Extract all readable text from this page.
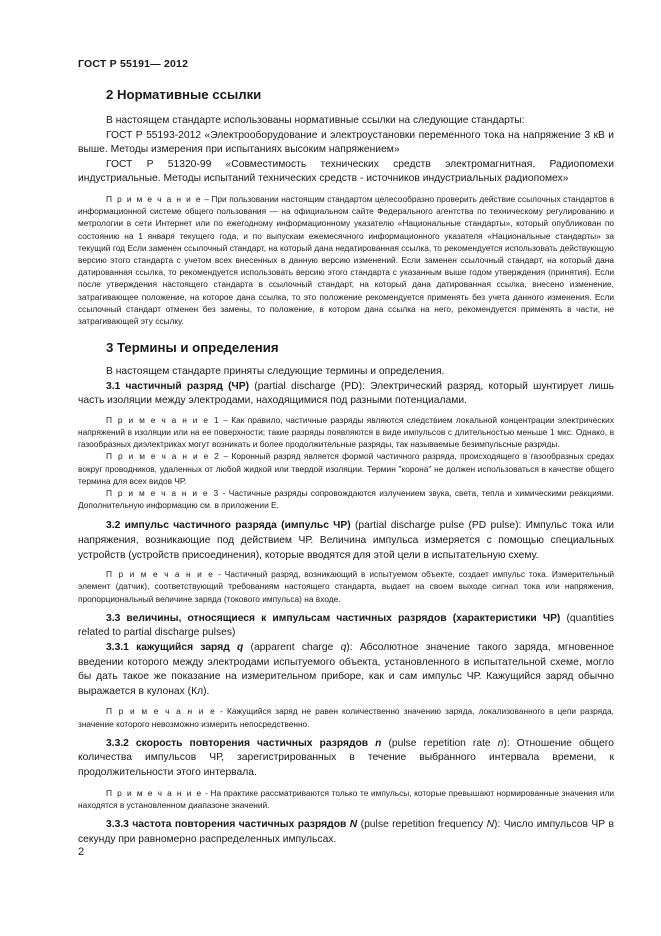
ГОСТ Р 55191— 2012
2 Нормативные ссылки

В настоящем стандарте использованы нормативные ссылки на следующие стандарты:

ГОСТ Р 55193-2012 «Электрооборудование и электроустановки переменного тока на напряжение 3 кВ и выше. Методы измерения при испытаниях высоким напряжением»

ГОСТ Р 51320-99 «Совместимость технических средств электромагнитная. Радиопомехи индустриальные. Методы испытаний технических средств - источников индустриальных радиопомех»

П р и м е ч а н и е – При пользовании настоящим стандартом целесообразно проверить действие ссылочных стандартов в информационной системе общего пользования — на официальном сайте Федерального агентства по техническому регулированию и метрологии в сети Интернет или по ежегодному информационному указателю «Национальные стандарты», который опубликован по состоянию на 1 января текущего года, и по выпускам ежемесячного информационного указателя «Национальные стандарты» за текущий год Если заменен ссылочный стандарт, на который дана недатированная ссылка, то рекомендуется использовать действующую версию этого стандарта с учетом всех внесенных в данную версию изменений. Если заменен ссылочный стандарт, на который дана датированная ссылка, то рекомендуется использовать версию этого стандарта с указанным выше годом утверждения (принятия). Если после утверждения настоящего стандарта в ссылочный стандарт, на который дана датированная ссылка, внесено изменение, затрагивающее положение, на которое дана ссылка, то это положение рекомендуется применять без учета данного изменения. Если ссылочный стандарт отменен без замены, то положение, в котором дана ссылка на него, рекомендуется применять в части, не затрагивающей эту ссылку.

3 Термины и определения

В настоящем стандарте приняты следующие термины и определения.

3.1 частичный разряд (ЧР) (partial discharge (PD): Электрический разряд, который шунтирует лишь часть изоляции между электродами, находящимися под разными потенциалами.

П р и м е ч а н и е 1 – Как правило, частичные разряды являются следствием локальной концентрации электрических напряжений в изоляции или на ее поверхности; такие разряды появляются в виде импульсов с длительностью меньше 1 мкс. Однако, в газообразных диэлектриках могут возникать и более продолжительные разряды, так называемые безимпульсные разряды.

П р и м е ч а н и е 2 – Коронный разряд является формой частичного разряда, происходящего в газообразных средах вокруг проводников, удаленных от любой жидкой или твердой изоляции. Термин "корона" не должен использоваться в качестве общего термина для всех видов ЧР.

П р и м е ч а н и е 3 - Частичные разряды сопровождаются излучением звука, света, тепла и химическими реакциями. Дополнительную информацию см. в приложении Е.

3.2 импульс частичного разряда (импульс ЧР) (partial discharge pulse (PD pulse): Импульс тока или напряжения, возникающие под действием ЧР. Величина импульса измеряется с помощью специальных устройств (устройств присоединения), которые вводятся для этой цели в испытательную схему.

П р и м е ч а н и е - Частичный разряд, возникающий в испытуемом объекте, создает импульс тока. Измерительный элемент (датчик), соответствующий требованиям настоящего стандарта, выдает на своем выходе сигнал тока или напряжения, пропорциональный величине заряда (токового импульса) на входе.

3.3 величины, относящиеся к импульсам частичных разрядов (характеристики ЧР) (quantities related to partial discharge pulses)

3.3.1 кажущийся заряд q (apparent charge q): Абсолютное значение такого заряда, мгновенное введении которого между электродами испытуемого объекта, установленного в испытательной схеме, могло бы дать такое же показание на измерительном приборе, как и сам импульс ЧР. Кажущийся заряд обычно выражается в кулонах (Кл).

П р и м е ч а н и е - Кажущийся заряд не равен количественно значению заряда, локализованного в цепи разряда, значение которого невозможно измерить непосредственно.

3.3.2 скорость повторения частичных разрядов n (pulse repetition rate n): Отношение общего количества импульсов ЧР, зарегистрированных в течение выбранного интервала времени, к продолжительности этого интервала.

П р и м е ч а н и е - На практике рассматриваются только те импульсы, которые превышают нормированные значения или находятся в установленном диапазоне значений.

3.3.3 частота повторения частичных разрядов N (pulse repetition frequency N): Число импульсов ЧР в секунду при равномерно распределенных импульсах.

2
